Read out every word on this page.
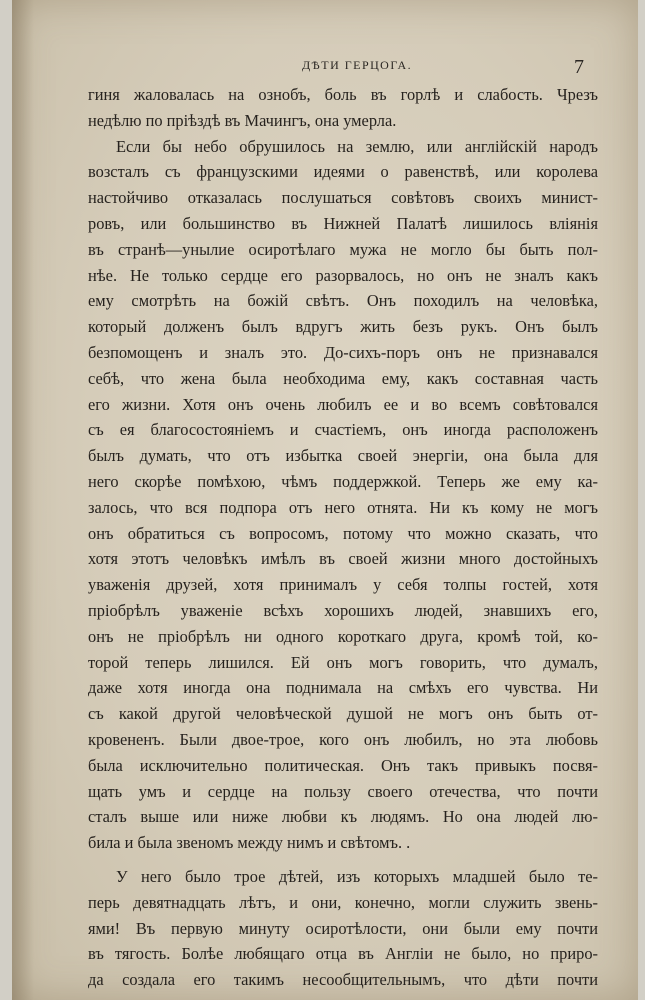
ДѢТИ ГЕРЦОГА.	7
гиня жаловалась на ознобъ, боль въ горлѣ и слабость. Чрезъ
недѣлю по пріѣздѣ въ Мачингъ, она умерла.
Если бы небо обрушилось на землю, или англійскій народъ
возсталъ съ французскими идеями о равенствѣ, или королева
настойчиво отказалась послушаться совѣтовъ своихъ минист-
ровъ, или большинство въ Нижней Палатѣ лишилось вліянія
въ странѣ—унылие осиротѣлаго мужа не могло бы быть пол-
нѣе. Не только сердце его разорвалось, но онъ не зналъ какъ
ему смотрѣть на божій свѣтъ. Онъ походилъ на человѣка,
который долженъ былъ вдругъ жить безъ рукъ. Онъ былъ
безпомощенъ и зналъ это. До-сихъ-поръ онъ не признавался
себѣ, что жена была необходима ему, какъ составная часть
его жизни. Хотя онъ очень любилъ ее и во всемъ совѣтовался
съ ея благосостояніемъ и счастіемъ, онъ иногда расположенъ
былъ думать, что отъ избытка своей энергіи, она была для
него скорѣе помѣхою, чѣмъ поддержкой. Теперь же ему ка-
залось, что вся подпора отъ него отнята. Ни къ кому не могъ
онъ обратиться съ вопросомъ, потому что можно сказать, что
хотя этотъ человѣкъ имѣлъ въ своей жизни много достойныхъ
уваженія друзей, хотя принималъ у себя толпы гостей, хотя
пріобрѣлъ уваженіе всѣхъ хорошихъ людей, знавшихъ его,
онъ не пріобрѣлъ ни одного короткаго друга, кромѣ той, ко-
торой теперь лишился. Ей онъ могъ говорить, что думалъ,
даже хотя иногда она поднимала на смѣхъ его чувства. Ни
съ какой другой человѣческой душой не могъ онъ быть от-
кровененъ. Были двое-трое, кого онъ любилъ, но эта любовь
была исключительно политическая. Онъ такъ привыкъ посвя-
щать умъ и сердце на пользу своего отечества, что почти
сталъ выше или ниже любви къ людямъ. Но она людей лю-
била и была звеномъ между нимъ и свѣтомъ. .
У него было трое дѣтей, изъ которыхъ младшей было те-
перь девятнадцать лѣтъ, и они, конечно, могли служить звень-
ями! Въ первую минуту осиротѣлости, они были ему почти
въ тягость. Болѣе любящаго отца въ Англіи не было, но приро-
да создала его такимъ несообщительнымъ, что дѣти почти
